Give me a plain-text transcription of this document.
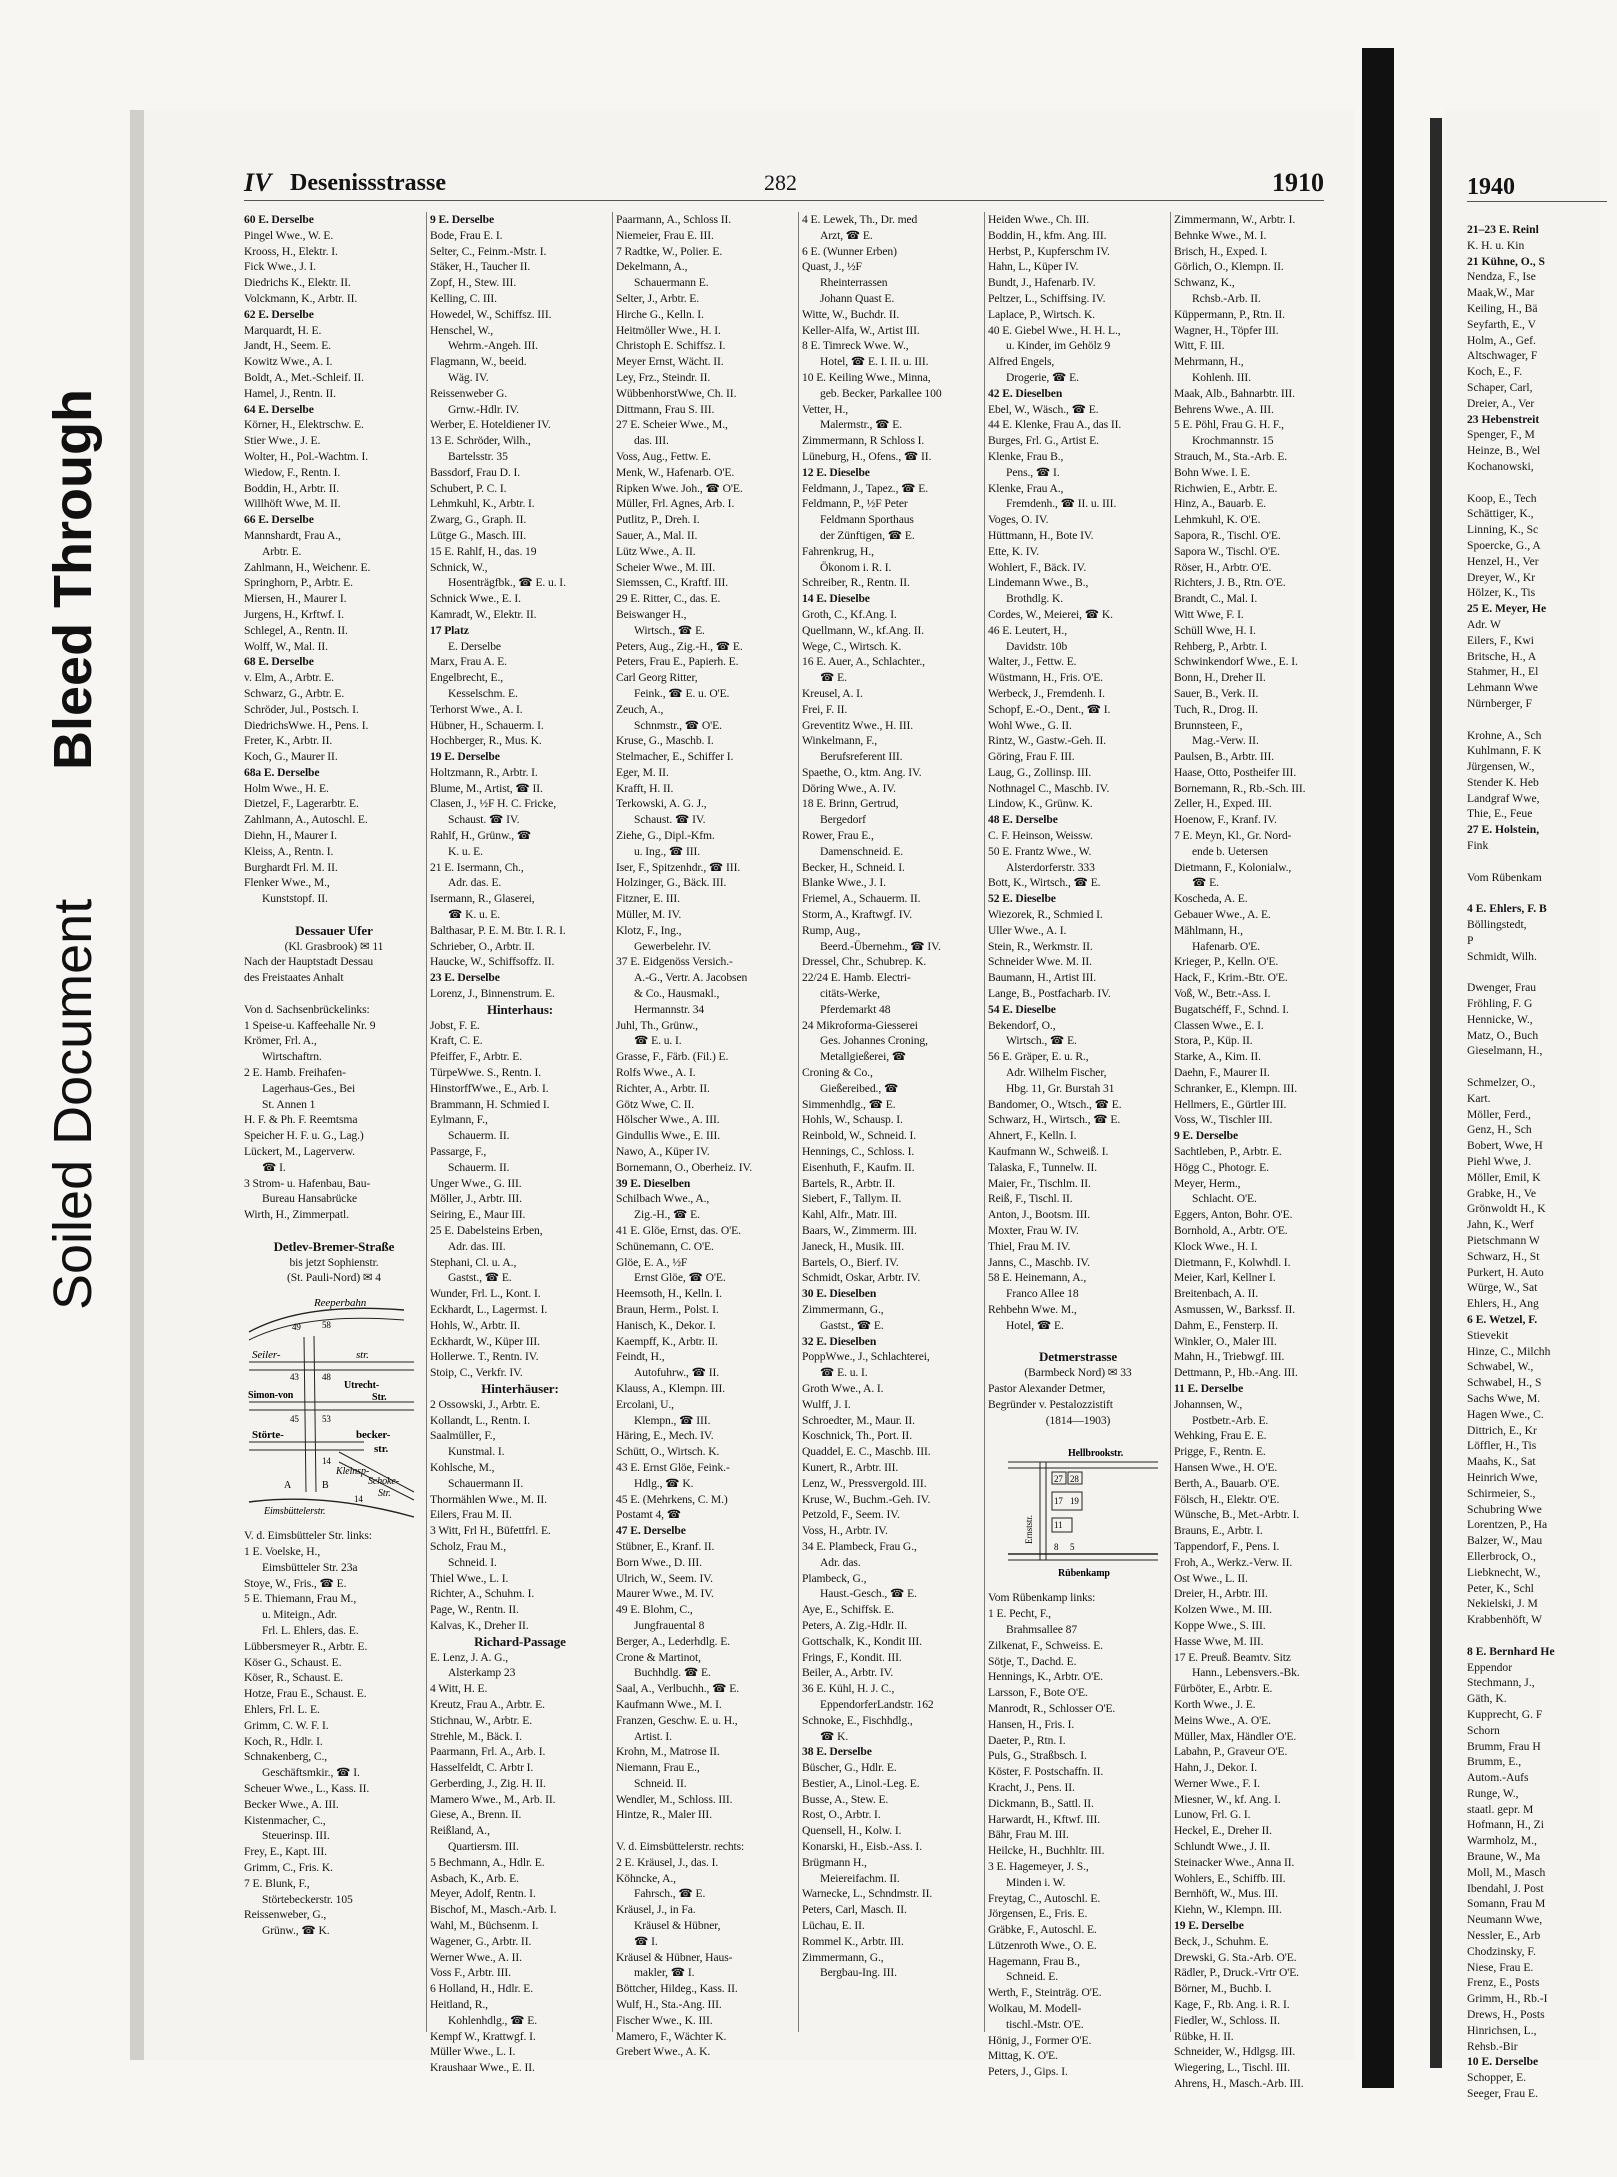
Bleed Through
Soiled Document
IV Desenissstrasse	282	1910
60 E. Derselbe
Pingel Wwe., W. E.
Krooss, H., Elektr. I.
Fick Wwe., J. I.
Diedrichs K., Elektr. II.
Volckmann, K., Arbtr. II.
62 E. Derselbe
Marquardt, H. E.
Jandt, H., Seem. E.
Kowitz Wwe., A. I.
Boldt, A., Met.-Schleif. II.
Hamel, J., Rentn. II.
64 E. Derselbe
Körner, H., Elektrschw. E.
Stier Wwe., J. E.
Wolter, H., Pol.-Wachtm. I.
Wiedow, F., Rentn. I.
Boddin, H., Arbtr. II.
Willhöft Wwe, M. II.
66 E. Derselbe
Mannshardt, Frau A.,
Arbtr. E.
Zahlmann, H., Weichenr. E.
Springhorn, P., Arbtr. E.
Miersen, H., Maurer I.
Jurgens, H., Krftwf. I.
Schlegel, A., Rentn. II.
Wolff, W., Mal. II.
68 E. Derselbe
v. Elm, A., Arbtr. E.
Schwarz, G., Arbtr. E.
Schröder, Jul., Postsch. I.
DiedrichsWwe. H., Pens. I.
Freter, K., Arbtr. II.
Koch, G., Maurer II.
68a E. Derselbe
Holm Wwe., H. E.
Dietzel, F., Lagerarbtr. E.
Zahlmann, A., Autoschl. E.
Diehn, H., Maurer I.
Kleiss, A., Rentn. I.
Burghardt Frl. M. II.
Flenker Wwe., M.,
Kunststopf. II.

Dessauer Ufer
(Kl. Grasbrook) ✉ 11
Nach der Hauptstadt Dessau
des Freistaates Anhalt

Von d. Sachsenbrückelinks:
1 Speise-u. Kaffeehalle Nr. 9
Krömer, Frl. A.,
Wirtschaftrn.
2 E. Hamb. Freihafen-
Lagerhaus-Ges., Bei
St. Annen 1
H. F. & Ph. F. Reemtsma
Speicher H. F. u. G., Lag.)
Lückert, M., Lagerverw.
☎ I.
3 Strom- u. Hafenbau, Bau-
Bureau Hansabrücke
Wirth, H., Zimmerpatl.

Detlev-Bremer-Straße
bis jetzt Sophienstr.
(St. Pauli-Nord) ✉ 4
Reeperbahn
Seiler-	str.
Simon-von
Utrecht-
Str.
Störte-	becker-
str.
Kleinsp-
Schoke-
Str.
Eimsbüttelerstr.
49 58
43	48
45	53
14
14
A	B
V. d. Eimsbütteler Str. links:
1 E. Voelske, H.,
Eimsbütteler Str. 23a
Stoye, W., Fris., ☎ E.
5 E. Thiemann, Frau M.,
u. Miteign., Adr.
Frl. L. Ehlers, das. E.
Lübbersmeyer R., Arbtr. E.
Köser G., Schaust. E.
Köser, R., Schaust. E.
Hotze, Frau E., Schaust. E.
Ehlers, Frl. L. E.
Grimm, C. W. F. I.
Koch, R., Hdlr. I.
Schnakenberg, C.,
Geschäftsmkir., ☎ I.
Scheuer Wwe., L., Kass. II.
Becker Wwe., A. III.
Kistenmacher, C.,
Steuerinsp. III.
Frey, E., Kapt. III.
Grimm, C., Fris. K.
7 E. Blunk, F.,
Störtebeckerstr. 105
Reissenweber, G.,
Grünw., ☎ K.
9 E. Derselbe
Bode, Frau E. I.
Selter, C., Feinm.-Mstr. I.
Stäker, H., Taucher II.
Zopf, H., Stew. III.
Kelling, C. III.
Howedel, W., Schiffsz. III.
Henschel, W.,
Wehrm.-Angeh. III.
Flagmann, W., beeid.
Wäg. IV.
Reissenweber G.
Grnw.-Hdlr. IV.
Werber, E. Hoteldiener IV.
13 E. Schröder, Wilh.,
Bartelsstr. 35
Bassdorf, Frau D. I.
Schubert, P. C. I.
Lehmkuhl, K., Arbtr. I.
Zwarg, G., Graph. II.
Lütge G., Masch. III.
15 E. Rahlf, H., das. 19
Schnick, W.,
Hosenträgfbk., ☎ E. u. I.
Schnick Wwe., E. I.
Kamradt, W., Elektr. II.
17 Platz
E. Derselbe
Marx, Frau A. E.
Engelbrecht, E.,
Kesselschm. E.
Terhorst Wwe., A. I.
Hübner, H., Schauerm. I.
Hochberger, R., Mus. K.
19 E. Derselbe
Holtzmann, R., Arbtr. I.
Blume, M., Artist, ☎ II.
Clasen, J., ½F H. C. Fricke,
Schaust. ☎ IV.
Rahlf, H., Grünw., ☎
K. u. E.
21 E. Isermann, Ch.,
Adr. das. E.
Isermann, R., Glaserei,
☎ K. u. E.
Balthasar, P. E. M. Btr. I. R. I.
Schrieber, O., Arbtr. II.
Haucke, W., Schiffsoffz. II.
23 E. Derselbe
Lorenz, J., Binnenstrum. E.
Hinterhaus:
Jobst, F. E.
Kraft, C. E.
Pfeiffer, F., Arbtr. E.
TürpeWwe. S., Rentn. I.
HinstorffWwe., E., Arb. I.
Brammann, H. Schmied I.
Eylmann, F.,
Schauerm. II.
Passarge, F.,
Schauerm. II.
Unger Wwe., G. III.
Möller, J., Arbtr. III.
Seiring, E., Maur III.
25 E. Dabelsteins Erben,
Adr. das. III.
Stephani, Cl. u. A.,
Gastst., ☎ E.
Wunder, Frl. L., Kont. I.
Eckhardt, L., Lagermst. I.
Hohls, W., Arbtr. II.
Eckhardt, W., Küper III.
Hollerwe. T., Rentn. IV.
Stoip, C., Verkfr. IV.
Hinterhäuser:
2 Ossowski, J., Arbtr. E.
Kollandt, L., Rentn. I.
Saalmüller, F.,
Kunstmal. I.
Kohlsche, M.,
Schauermann II.
Thormählen Wwe., M. II.
Eilers, Frau M. II.
3 Witt, Frl H., Büfettfrl. E.
Scholz, Frau M.,
Schneid. I.
Thiel Wwe., L. I.
Richter, A., Schuhm. I.
Page, W., Rentn. II.
Kalvas, K., Dreher II.
Richard-Passage
E. Lenz, J. A. G.,
Alsterkamp 23
4 Witt, H. E.
Kreutz, Frau A., Arbtr. E.
Stichnau, W., Arbtr. E.
Strehle, M., Bäck. I.
Paarmann, Frl. A., Arb. I.
Hasselfeldt, C. Arbtr I.
Gerberding, J., Zig. H. II.
Mamero Wwe., M., Arb. II.
Giese, A., Brenn. II.
Reißland, A.,
Quartiersm. III.
5 Bechmann, A., Hdlr. E.
Asbach, K., Arb. E.
Meyer, Adolf, Rentn. I.
Bischof, M., Masch.-Arb. I.
Wahl, M., Büchsenm. I.
Wagener, G., Arbtr. II.
Werner Wwe., A. II.
Voss F., Arbtr. III.
6 Holland, H., Hdlr. E.
Heitland, R.,
Kohlenhdlg., ☎ E.
Kempf W., Krattwgf. I.
Müller Wwe., L. I.
Kraushaar Wwe., E. II.
Paarmann, A., Schloss II.
Niemeier, Frau E. III.
7 Radtke, W., Polier. E.
Dekelmann, A.,
Schauermann E.
Selter, J., Arbtr. E.
Hirche G., Kelln. I.
Heitmöller Wwe., H. I.
Christoph E. Schiffsz. I.
Meyer Ernst, Wächt. II.
Ley, Frz., Steindr. II.
WübbenhorstWwe, Ch. II.
Dittmann, Frau S. III.
27 E. Scheier Wwe., M.,
das. III.
Voss, Aug., Fettw. E.
Menk, W., Hafenarb. O'E.
Ripken Wwe. Joh., ☎ O'E.
Müller, Frl. Agnes, Arb. I.
Putlitz, P., Dreh. I.
Sauer, A., Mal. II.
Lütz Wwe., A. II.
Scheier Wwe., M. III.
Siemssen, C., Kraftf. III.
29 E. Ritter, C., das. E.
Beiswanger H.,
Wirtsch., ☎ E.
Peters, Aug., Zig.-H., ☎ E.
Peters, Frau E., Papierh. E.
Carl Georg Ritter,
Feink., ☎ E. u. O'E.
Zeuch, A.,
Schnmstr., ☎ O'E.
Kruse, G., Maschb. I.
Stelmacher, E., Schiffer I.
Eger, M. II.
Krafft, H. II.
Terkowski, A. G. J.,
Schaust. ☎ IV.
Ziehe, G., Dipl.-Kfm.
u. Ing., ☎ III.
Iser, F., Spitzenhdr., ☎ III.
Holzinger, G., Bäck. III.
Fitzner, E. III.
Müller, M. IV.
Klotz, F., Ing.,
Gewerbelehr. IV.
37 E. Eidgenöss Versich.-
A.-G., Vertr. A. Jacobsen
& Co., Hausmakl.,
Hermannstr. 34
Juhl, Th., Grünw.,
☎ E. u. I.
Grasse, F., Färb. (Fil.) E.
Rolfs Wwe., A. I.
Richter, A., Arbtr. II.
Götz Wwe, C. II.
Hölscher Wwe., A. III.
Gindullis Wwe., E. III.
Nawo, A., Küper IV.
Bornemann, O., Oberheiz. IV.
39 E. Dieselben
Schilbach Wwe., A.,
Zig.-H., ☎ E.
41 E. Glöe, Ernst, das. O'E.
Schünemann, C. O'E.
Glöe, E. A., ½F
Ernst Glöe, ☎ O'E.
Heemsoth, H., Kelln. I.
Braun, Herm., Polst. I.
Hanisch, K., Dekor. I.
Kaempff, K., Arbtr. II.
Feindt, H.,
Autofuhrw., ☎ II.
Klauss, A., Klempn. III.
Ercolani, U.,
Klempn., ☎ III.
Häring, E., Mech. IV.
Schütt, O., Wirtsch. K.
43 E. Ernst Glöe, Feink.-
Hdlg., ☎ K.
45 E. (Mehrkens, C. M.)
Postamt 4, ☎
47 E. Derselbe
Stübner, E., Kranf. II.
Born Wwe., D. III.
Ulrich, W., Seem. IV.
Maurer Wwe., M. IV.
49 E. Blohm, C.,
Jungfrauental 8
Berger, A., Lederhdlg. E.
Crone & Martinot,
Buchhdlg. ☎ E.
Saal, A., Verlbuchh., ☎ E.
Kaufmann Wwe., M. I.
Franzen, Geschw. E. u. H.,
Artist. I.
Krohn, M., Matrose II.
Niemann, Frau E.,
Schneid. II.
Wendler, M., Schloss. III.
Hintze, R., Maler III.

V. d. Eimsbüttelerstr. rechts:
2 E. Kräusel, J., das. I.
Köhncke, A.,
Fahrsch., ☎ E.
Kräusel, J., in Fa.
Kräusel & Hübner,
☎ I.
Kräusel & Hübner, Haus-
makler, ☎ I.
Böttcher, Hildeg., Kass. II.
Wulf, H., Sta.-Ang. III.
Fischer Wwe., K. III.
Mamero, F., Wächter K.
Grebert Wwe., A. K.
4 E. Lewek, Th., Dr. med
Arzt, ☎ E.
6 E. (Wunner Erben)
Quast, J., ½F
Rheinterrassen
Johann Quast E.
Witte, W., Buchdr. II.
Keller-Alfa, W., Artist III.
8 E. Timreck Wwe. W.,
Hotel, ☎ E. I. II. u. III.
10 E. Keiling Wwe., Minna,
geb. Becker, Parkallee 100
Vetter, H.,
Malermstr., ☎ E.
Zimmermann, R Schloss I.
Lüneburg, H., Ofens., ☎ II.
12 E. Dieselbe
Feldmann, J., Tapez., ☎ E.
Feldmann, P., ½F Peter
Feldmann Sporthaus
der Zünftigen, ☎ E.
Fahrenkrug, H.,
Ökonom i. R. I.
Schreiber, R., Rentn. II.
14 E. Dieselbe
Groth, C., Kf.Ang. I.
Quellmann, W., kf.Ang. II.
Wege, C., Wirtsch. K.
16 E. Auer, A., Schlachter.,
☎ E.
Kreusel, A. I.
Frei, F. II.
Greventitz Wwe., H. III.
Winkelmann, F.,
Berufsreferent III.
Spaethe, O., ktm. Ang. IV.
Döring Wwe., A. IV.
18 E. Brinn, Gertrud,
Bergedorf
Rower, Frau E.,
Damenschneid. E.
Becker, H., Schneid. I.
Blanke Wwe., J. I.
Friemel, A., Schauerm. II.
Storm, A., Kraftwgf. IV.
Rump, Aug.,
Beerd.-Übernehm., ☎ IV.
Dressel, Chr., Schubrep. K.
22/24 E. Hamb. Electri-
citäts-Werke,
Pferdemarkt 48
24 Mikroforma-Giesserei
Ges. Johannes Croning,
Metallgießerei, ☎
Croning & Co.,
Gießereibed., ☎
Simmenhdlg., ☎ E.
Hohls, W., Schausp. I.
Reinbold, W., Schneid. I.
Hennings, C., Schloss. I.
Eisenhuth, F., Kaufm. II.
Bartels, R., Arbtr. II.
Siebert, F., Tallym. II.
Kahl, Alfr., Matr. III.
Baars, W., Zimmerm. III.
Janeck, H., Musik. III.
Bartels, O., Bierf. IV.
Schmidt, Oskar, Arbtr. IV.
30 E. Dieselben
Zimmermann, G.,
Gastst., ☎ E.
32 E. Dieselben
PoppWwe., J., Schlachterei,
☎ E. u. I.
Groth Wwe., A. I.
Wulff, J. I.
Schroedter, M., Maur. II.
Koschnick, Th., Port. II.
Quaddel, E. C., Maschb. III.
Kunert, R., Arbtr. III.
Lenz, W., Pressvergold. III.
Kruse, W., Buchm.-Geh. IV.
Petzold, F., Seem. IV.
Voss, H., Arbtr. IV.
34 E. Plambeck, Frau G.,
Adr. das.
Plambeck, G.,
Haust.-Gesch., ☎ E.
Aye, E., Schiffsk. E.
Peters, A. Zig.-Hdlr. II.
Gottschalk, K., Kondit III.
Frings, F., Kondit. III.
Beiler, A., Arbtr. IV.
36 E. Kühl, H. J. C.,
EppendorferLandstr. 162
Schnoke, E., Fischhdlg.,
☎ K.
38 E. Derselbe
Büscher, G., Hdlr. E.
Bestier, A., Linol.-Leg. E.
Busse, A., Stew. E.
Rost, O., Arbtr. I.
Quensell, H., Kolw. I.
Konarski, H., Eisb.-Ass. I.
Brügmann H.,
Meiereifachm. II.
Warnecke, L., Schndmstr. II.
Peters, Carl, Masch. II.
Lüchau, E. II.
Rommel K., Arbtr. III.
Zimmermann, G.,
Bergbau-Ing. III.
Heiden Wwe., Ch. III.
Boddin, H., kfm. Ang. III.
Herbst, P., Kupferschm IV.
Hahn, L., Küper IV.
Bundt, J., Hafenarb. IV.
Peltzer, L., Schiffsing. IV.
Laplace, P., Wirtsch. K.
40 E. Giebel Wwe., H. H. L.,
u. Kinder, im Gehölz 9
Alfred Engels,
Drogerie, ☎ E.
42 E. Dieselben
Ebel, W., Wäsch., ☎ E.
44 E. Klenke, Frau A., das II.
Burges, Frl. G., Artist E.
Klenke, Frau B.,
Pens., ☎ I.
Klenke, Frau A.,
Fremdenh., ☎ II. u. III.
Voges, O. IV.
Hüttmann, H., Bote IV.
Ette, K. IV.
Wohlert, F., Bäck. IV.
Lindemann Wwe., B.,
Brothdlg. K.
Cordes, W., Meierei, ☎ K.
46 E. Leutert, H.,
Davidstr. 10b
Walter, J., Fettw. E.
Wüstmann, H., Fris. O'E.
Werbeck, J., Fremdenh. I.
Schopf, E.-O., Dent., ☎ I.
Wohl Wwe., G. II.
Rintz, W., Gastw.-Geh. II.
Göring, Frau F. III.
Laug, G., Zollinsp. III.
Nothnagel C., Maschb. IV.
Lindow, K., Grünw. K.
48 E. Derselbe
C. F. Heinson, Weissw.
50 E. Frantz Wwe., W.
Alsterdorferstr. 333
Bott, K., Wirtsch., ☎ E.
52 E. Dieselbe
Wiezorek, R., Schmied I.
Uller Wwe., A. I.
Stein, R., Werkmstr. II.
Schneider Wwe. M. II.
Baumann, H., Artist III.
Lange, B., Postfacharb. IV.
54 E. Dieselbe
Bekendorf, O.,
Wirtsch., ☎ E.
56 E. Gräper, E. u. R.,
Adr. Wilhelm Fischer,
Hbg. 11, Gr. Burstah 31
Bandomer, O., Wtsch., ☎ E.
Schwarz, H., Wirtsch., ☎ E.
Ahnert, F., Kelln. I.
Kaufmann W., Schweiß. I.
Talaska, F., Tunnelw. II.
Maier, Fr., Tischlm. II.
Reiß, F., Tischl. II.
Anton, J., Bootsm. III.
Moxter, Frau W. IV.
Thiel, Frau M. IV.
Janns, C., Maschb. IV.
58 E. Heinemann, A.,
Franco Allee 18
Rehbehn Wwe. M.,
Hotel, ☎ E.

Detmerstrasse
(Barmbeck Nord) ✉ 33
Pastor Alexander Detmer,
Begründer v. Pestalozzistift
(1814—1903)
Hellbrookstr.
Rübenkamp
Ernststr.
27 28
17 19
11
8 5
Vom Rübenkamp links:
1 E. Pecht, F.,
Brahmsallee 87
Zilkenat, F., Schweiss. E.
Sötje, T., Dachd. E.
Hennings, K., Arbtr. O'E.
Larsson, F., Bote O'E.
Manrodt, R., Schlosser O'E.
Hansen, H., Fris. I.
Daeter, P., Rtn. I.
Puls, G., Straßbsch. I.
Köster, F. Postschaffn. II.
Kracht, J., Pens. II.
Dickmann, B., Sattl. II.
Harwardt, H., Kftwf. III.
Bähr, Frau M. III.
Heilcke, H., Buchhltr. III.
3 E. Hagemeyer, J. S.,
Minden i. W.
Freytag, C., Autoschl. E.
Jörgensen, E., Fris. E.
Gräbke, F., Autoschl. E.
Lützenroth Wwe., O. E.
Hagemann, Frau B.,
Schneid. E.
Werth, F., Steinträg. O'E.
Wolkau, M. Modell-
tischl.-Mstr. O'E.
Hönig, J., Former O'E.
Mittag, K. O'E.
Peters, J., Gips. I.
Zimmermann, W., Arbtr. I.
Behnke Wwe., M. I.
Brisch, H., Exped. I.
Görlich, O., Klempn. II.
Schwanz, K.,
Rchsb.-Arb. II.
Küppermann, P., Rtn. II.
Wagner, H., Töpfer III.
Witt, F. III.
Mehrmann, H.,
Kohlenh. III.
Maak, Alb., Bahnarbtr. III.
Behrens Wwe., A. III.
5 E. Pöhl, Frau G. H. F.,
Krochmannstr. 15
Strauch, M., Sta.-Arb. E.
Bohn Wwe. I. E.
Richwien, E., Arbtr. E.
Hinz, A., Bauarb. E.
Lehmkuhl, K. O'E.
Sapora, R., Tischl. O'E.
Sapora W., Tischl. O'E.
Röser, H., Arbtr. O'E.
Richters, J. B., Rtn. O'E.
Brandt, C., Mal. I.
Witt Wwe, F. I.
Schüll Wwe, H. I.
Rehberg, P., Arbtr. I.
Schwinkendorf Wwe., E. I.
Bonn, H., Dreher II.
Sauer, B., Verk. II.
Tuch, R., Drog. II.
Brunnsteen, F.,
Mag.-Verw. II.
Paulsen, B., Arbtr. III.
Haase, Otto, Postheifer III.
Bornemann, R., Rb.-Sch. III.
Zeller, H., Exped. III.
Hoenow, F., Kranf. IV.
7 E. Meyn, Kl., Gr. Nord-
ende b. Uetersen
Dietmann, F., Kolonialw.,
☎ E.
Koscheda, A. E.
Gebauer Wwe., A. E.
Mählmann, H.,
Hafenarb. O'E.
Krieger, P., Kelln. O'E.
Hack, F., Krim.-Btr. O'E.
Voß, W., Betr.-Ass. I.
Bugatschéff, F., Schnd. I.
Classen Wwe., E. I.
Stora, P., Küp. II.
Starke, A., Kim. II.
Daehn, F., Maurer II.
Schranker, E., Klempn. III.
Hellmers, E., Gürtler III.
Voss, W., Tischler III.
9 E. Derselbe
Sachtleben, P., Arbtr. E.
Högg C., Photogr. E.
Meyer, Herm.,
Schlacht. O'E.
Eggers, Anton, Bohr. O'E.
Bornhold, A., Arbtr. O'E.
Klock Wwe., H. I.
Dietmann, F., Kolwhdl. I.
Meier, Karl, Kellner I.
Breitenbach, A. II.
Asmussen, W., Barkssf. II.
Dahm, E., Fensterp. II.
Winkler, O., Maler III.
Mahn, H., Triebwgf. III.
Dettmann, P., Hb.-Ang. III.
11 E. Derselbe
Johannsen, W.,
Postbetr.-Arb. E.
Wehking, Frau E. E.
Prigge, F., Rentn. E.
Hansen Wwe., H. O'E.
Berth, A., Bauarb. O'E.
Fölsch, H., Elektr. O'E.
Wünsche, B., Met.-Arbtr. I.
Brauns, E., Arbtr. I.
Tappendorf, F., Pens. I.
Froh, A., Werkz.-Verw. II.
Ost Wwe., L. II.
Dreier, H., Arbtr. III.
Kolzen Wwe., M. III.
Koppe Wwe., S. III.
Hasse Wwe, M. III.
17 E. Preuß. Beamtv. Sitz
Hann., Lebensvers.-Bk.
Fürböter, E., Arbtr. E.
Korth Wwe., J. E.
Meins Wwe., A. O'E.
Müller, Max, Händler O'E.
Labahn, P., Graveur O'E.
Hahn, J., Dekor. I.
Werner Wwe., F. I.
Miesner, W., kf. Ang. I.
Lunow, Frl. G. I.
Heckel, E., Dreher II.
Schlundt Wwe., J. II.
Steinacker Wwe., Anna II.
Wohlers, E., Schiffb. III.
Bernhöft, W., Mus. III.
Kiehn, W., Klempn. III.
19 E. Derselbe
Beck, J., Schuhm. E.
Drewski, G. Sta.-Arb. O'E.
Rädler, P., Druck.-Vrtr O'E.
Börner, M., Buchb. I.
Kage, F., Rb. Ang. i. R. I.
Fiedler, W., Schloss. II.
Rübke, H. II.
Schneider, W., Hdlgsg. III.
Wiegering, L., Tischl. III.
Ahrens, H., Masch.-Arb. III.
1940
21–23 E. Reinl
K. H. u. Kin
21 Kühne, O., S
Nendza, F., Ise
Maak,W., Mar
Keiling, H., Bä
Seyfarth, E., V
Holm, A., Gef.
Altschwager, F
Koch, E., F.
Schaper, Carl,
Dreier, A., Ver
23 Hebenstreit
Spenger, F., M
Heinze, B., Wel
Kochanowski,

Koop, E., Tech
Schättiger, K.,
Linning, K., Sc
Spoercke, G., A
Henzel, H., Ver
Dreyer, W., Kr
Hölzer, K., Tis
25 E. Meyer, He
Adr. W
Eilers, F., Kwi
Britsche, H., A
Stahmer, H., El
Lehmann Wwe
Nürnberger, F

Krohne, A., Sch
Kuhlmann, F. K
Jürgensen, W.,
Stender K. Heb
Landgraf Wwe,
Thie, E., Feue
27 E. Holstein,
Fink

Vom Rübenkam

4 E. Ehlers, F. B
Böllingstedt,
P
Schmidt, Wilh.

Dwenger, Frau
Fröhling, F. G
Hennicke, W.,
Matz, O., Buch
Gieselmann, H.,

Schmelzer, O.,
Kart.
Möller, Ferd.,
Genz, H., Sch
Bobert, Wwe, H
Piehl Wwe, J.
Möller, Emil, K
Grabke, H., Ve
Grönwoldt H., K
Jahn, K., Werf
Pietschmann W
Schwarz, H., St
Purkert, H. Auto
Würge, W., Sat
Ehlers, H., Ang
6 E. Wetzel, F.
Stievekit
Hinze, C., Milchh
Schwabel, W.,
Schwabel, H., S
Sachs Wwe, M.
Hagen Wwe., C.
Dittrich, E., Kr
Löffler, H., Tis
Maahs, K., Sat
Heinrich Wwe,
Schirmeier, S.,
Schubring Wwe
Lorentzen, P., Ha
Balzer, W., Mau
Ellerbrock, O.,
Liebknecht, W.,
Peter, K., Schl
Nekielski, J. M
Krabbenhöft, W

8 E. Bernhard He
Eppendor
Stechmann, J.,
Gäth, K.
Kupprecht, G. F
Schorn
Brumm, Frau H
Brumm, E.,
Autom.-Aufs
Runge, W.,
staatl. gepr. M
Hofmann, H., Zi
Warmholz, M.,
Braune, W., Ma
Moll, M., Masch
Ibendahl, J. Post
Somann, Frau M
Neumann Wwe,
Nessler, E., Arb
Chodzinsky, F.
Niese, Frau E.
Frenz, E., Posts
Grimm, H., Rb.-I
Drews, H., Posts
Hinrichsen, L.,
Rehsb.-Bir
10 E. Derselbe
Schopper, E.
Seeger, Frau E.
